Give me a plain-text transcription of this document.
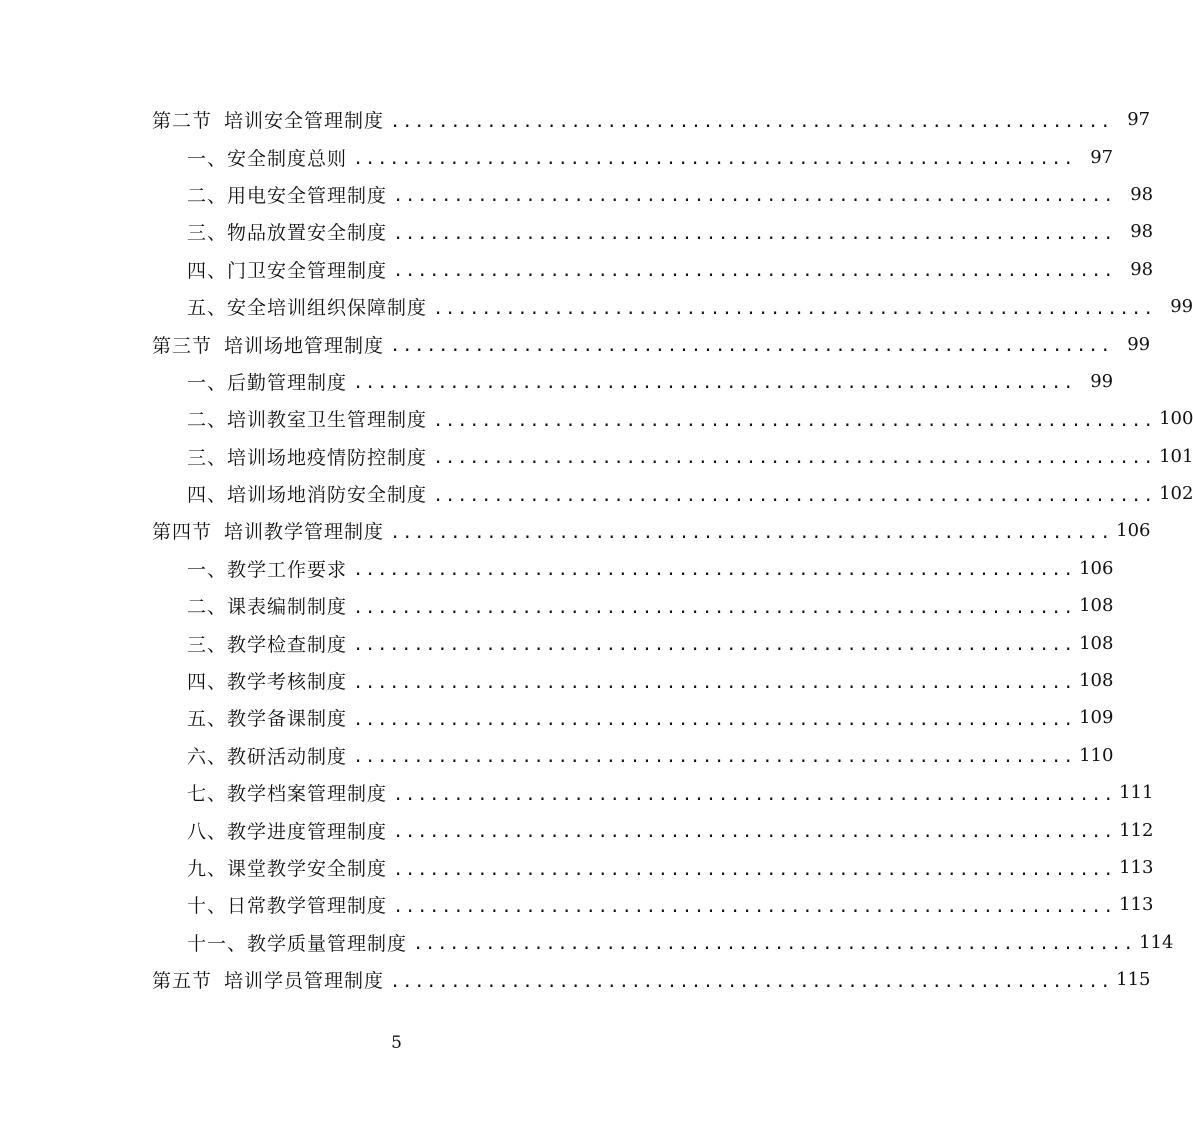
第二节 培训安全管理制度 ............................................................ 97
一、安全制度总则 ............................................................ 97
二、用电安全管理制度 ............................................................ 98
三、物品放置安全制度 ............................................................ 98
四、门卫安全管理制度 ............................................................ 98
五、安全培训组织保障制度 ............................................................ 99
第三节 培训场地管理制度 ............................................................ 99
一、后勤管理制度 ............................................................ 99
二、培训教室卫生管理制度 ............................................................ 100
三、培训场地疫情防控制度 ............................................................ 101
四、培训场地消防安全制度 ............................................................ 102
第四节 培训教学管理制度 ............................................................ 106
一、教学工作要求 ............................................................ 106
二、课表编制制度 ............................................................ 108
三、教学检查制度 ............................................................ 108
四、教学考核制度 ............................................................ 108
五、教学备课制度 ............................................................ 109
六、教研活动制度 ............................................................ 110
七、教学档案管理制度 ............................................................ 111
八、教学进度管理制度 ............................................................ 112
九、课堂教学安全制度 ............................................................ 113
十、日常教学管理制度 ............................................................ 113
十一、教学质量管理制度 ............................................................ 114
第五节 培训学员管理制度 ............................................................ 115
5
